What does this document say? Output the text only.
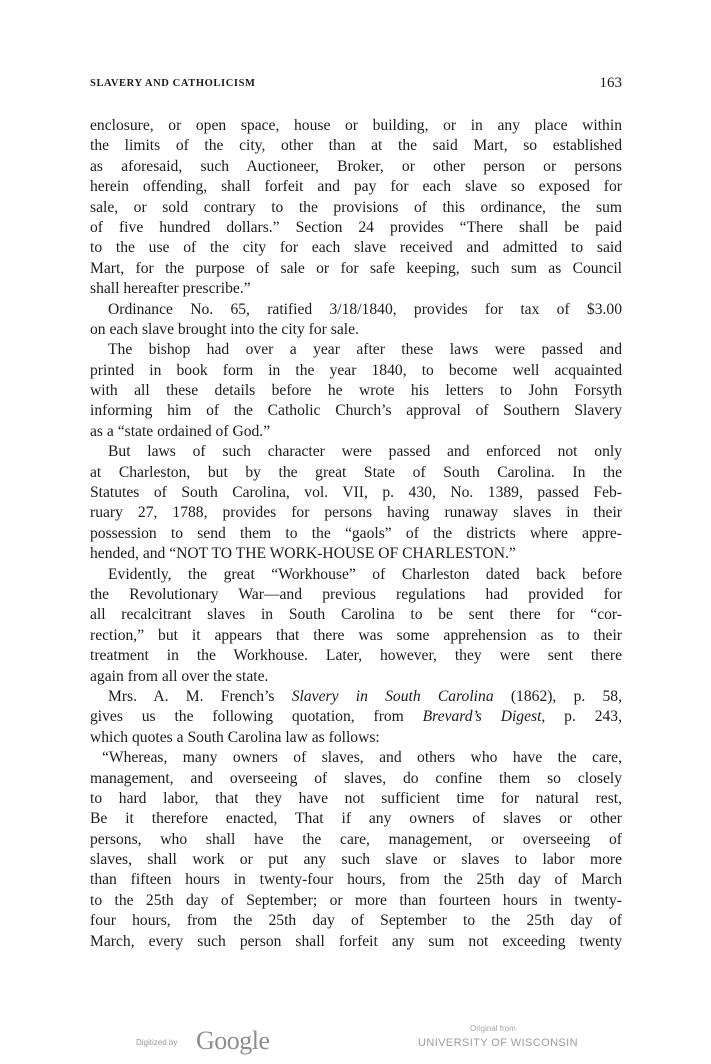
SLAVERY AND CATHOLICISM	163
enclosure, or open space, house or building, or in any place within
the limits of the city, other than at the said Mart, so established
as aforesaid, such Auctioneer, Broker, or other person or persons
herein offending, shall forfeit and pay for each slave so exposed for
sale, or sold contrary to the provisions of this ordinance, the sum
of five hundred dollars.” Section 24 provides “There shall be paid
to the use of the city for each slave received and admitted to said
Mart, for the purpose of sale or for safe keeping, such sum as Council
shall hereafter prescribe.”
Ordinance No. 65, ratified 3/18/1840, provides for tax of $3.00
on each slave brought into the city for sale.
The bishop had over a year after these laws were passed and
printed in book form in the year 1840, to become well acquainted
with all these details before he wrote his letters to John Forsyth
informing him of the Catholic Church’s approval of Southern Slavery
as a “state ordained of God.”
But laws of such character were passed and enforced not only
at Charleston, but by the great State of South Carolina. In the
Statutes of South Carolina, vol. VII, p. 430, No. 1389, passed Feb-
ruary 27, 1788, provides for persons having runaway slaves in their
possession to send them to the “gaols” of the districts where appre-
hended, and “NOT TO THE WORK-HOUSE OF CHARLESTON.”
Evidently, the great “Workhouse” of Charleston dated back before
the Revolutionary War—and previous regulations had provided for
all recalcitrant slaves in South Carolina to be sent there for “cor-
rection,” but it appears that there was some apprehension as to their
treatment in the Workhouse. Later, however, they were sent there
again from all over the state.
Mrs. A. M. French’s Slavery in South Carolina (1862), p. 58,
gives us the following quotation, from Brevard’s Digest, p. 243,
which quotes a South Carolina law as follows:
“Whereas, many owners of slaves, and others who have the care,
management, and overseeing of slaves, do confine them so closely
to hard labor, that they have not sufficient time for natural rest,
Be it therefore enacted, That if any owners of slaves or other
persons, who shall have the care, management, or overseeing of
slaves, shall work or put any such slave or slaves to labor more
than fifteen hours in twenty-four hours, from the 25th day of March
to the 25th day of September; or more than fourteen hours in twenty-
four hours, from the 25th day of September to the 25th day of
March, every such person shall forfeit any sum not exceeding twenty
Digitized by Google	Original from
UNIVERSITY OF WISCONSIN
